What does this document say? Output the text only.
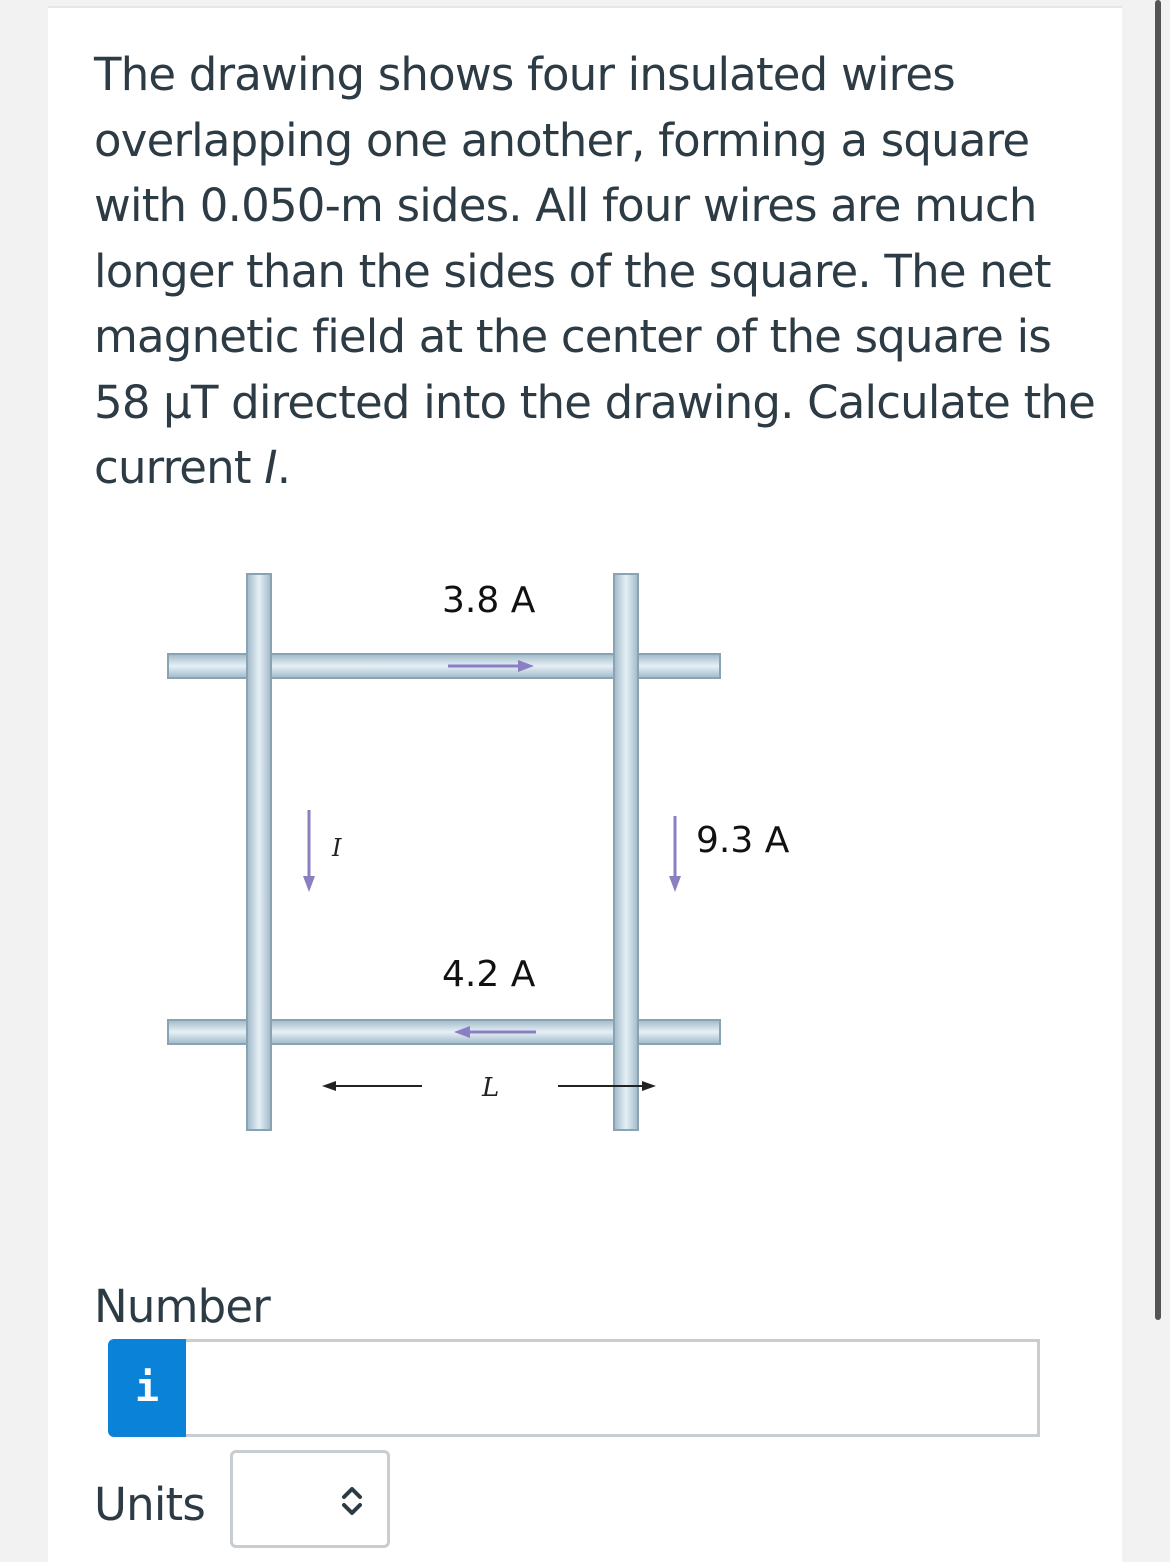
The drawing shows four insulated wires overlapping one another, forming a square with 0.050-m sides. All four wires are much longer than the sides of the square. The net magnetic field at the center of the square is 58 μT directed into the drawing. Calculate the current I.

3.8 A
9.3 A
4.2 A
I
L
Number
i
Units
